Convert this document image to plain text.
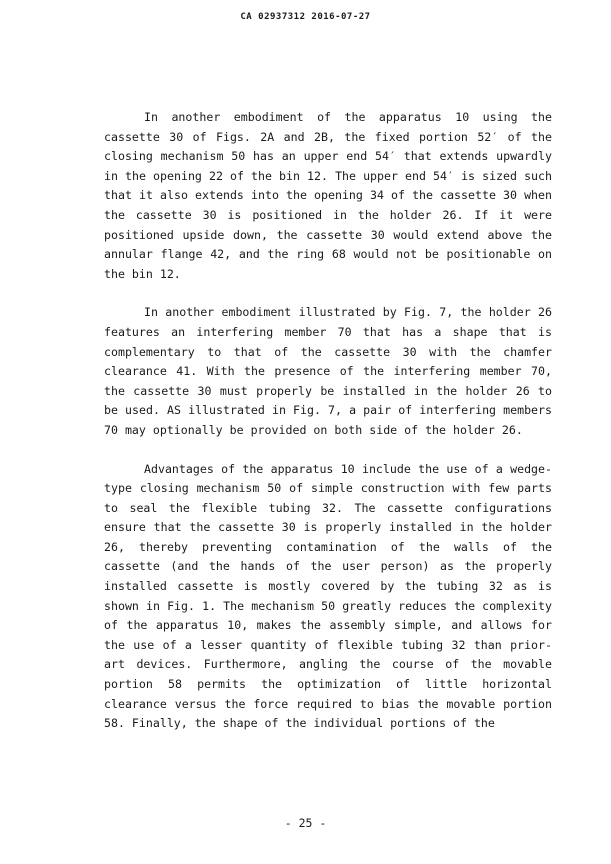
CA 02937312 2016-07-27

In another embodiment of the apparatus 10 using the cassette 30 of Figs. 2A and 2B, the fixed portion 52′ of the closing mechanism 50 has an upper end 54′ that extends upwardly in the opening 22 of the bin 12. The upper end 54′ is sized such that it also extends into the opening 34 of the cassette 30 when the cassette 30 is positioned in the holder 26. If it were positioned upside down, the cassette 30 would extend above the annular flange 42, and the ring 68 would not be positionable on the bin 12.

In another embodiment illustrated by Fig. 7, the holder 26 features an interfering member 70 that has a shape that is complementary to that of the cassette 30 with the chamfer clearance 41. With the presence of the interfering member 70, the cassette 30 must properly be installed in the holder 26 to be used. AS illustrated in Fig. 7, a pair of interfering members 70 may optionally be provided on both side of the holder 26.

Advantages of the apparatus 10 include the use of a wedge-type closing mechanism 50 of simple construction with few parts to seal the flexible tubing 32. The cassette configurations ensure that the cassette 30 is properly installed in the holder 26, thereby preventing contamination of the walls of the cassette (and the hands of the user person) as the properly installed cassette is mostly covered by the tubing 32 as is shown in Fig. 1. The mechanism 50 greatly reduces the complexity of the apparatus 10, makes the assembly simple, and allows for the use of a lesser quantity of flexible tubing 32 than prior-art devices. Furthermore, angling the course of the movable portion 58 permits the optimization of little horizontal clearance versus the force required to bias the movable portion 58. Finally, the shape of the individual portions of the

- 25 -
